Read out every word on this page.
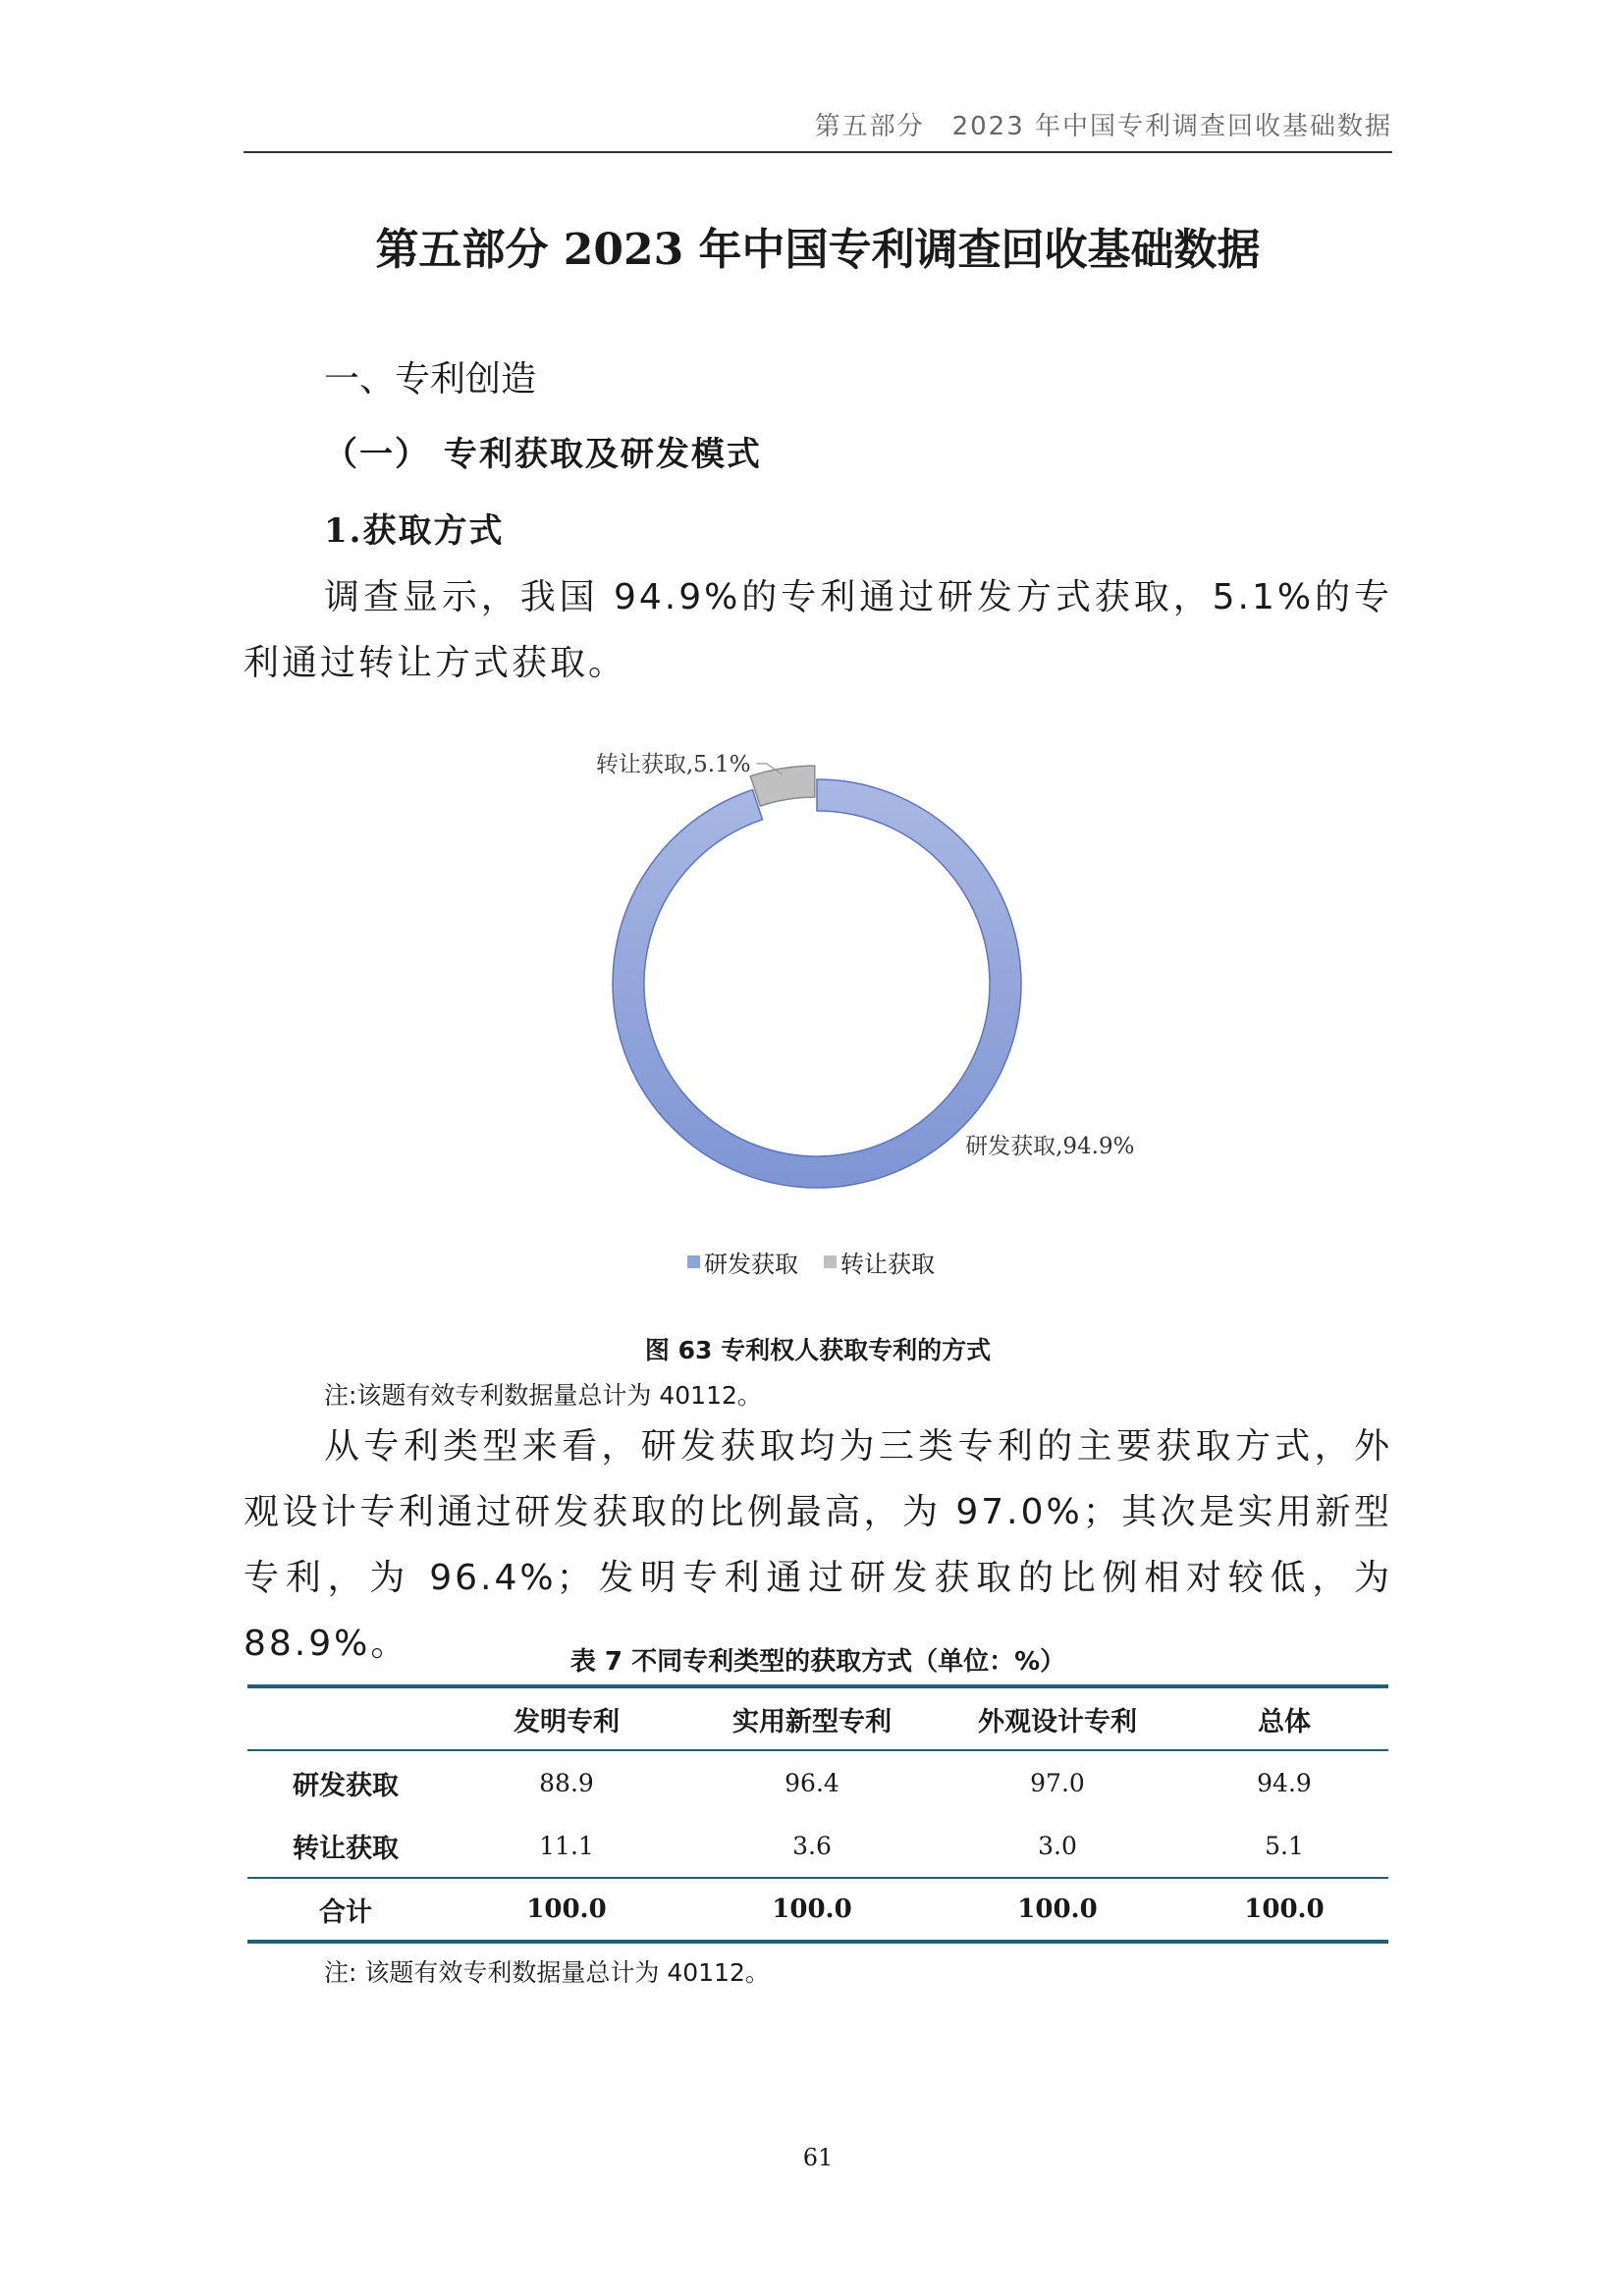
第五部分　2023 年中国专利调查回收基础数据
第五部分 2023 年中国专利调查回收基础数据
一、专利创造
（一） 专利获取及研发模式
1.获取方式
调查显示，我国 94.9%的专利通过研发方式获取，5.1%的专利通过转让方式获取。
转让获取,5.1%
研发获取,94.9%
研发获取 转让获取
图 63 专利权人获取专利的方式
注:该题有效专利数据量总计为 40112。
从专利类型来看，研发获取均为三类专利的主要获取方式，外观设计专利通过研发获取的比例最高，为 97.0%；其次是实用新型专利，为 96.4%；发明专利通过研发获取的比例相对较低，为 88.9%。	表 7 不同专利类型的获取方式（单位：%）
	发明专利	实用新型专利	外观设计专利	总体
研发获取	88.9	96.4	97.0	94.9
转让获取	11.1	3.6	3.0	5.1
合计	100.0	100.0	100.0	100.0
注: 该题有效专利数据量总计为 40112。
61
